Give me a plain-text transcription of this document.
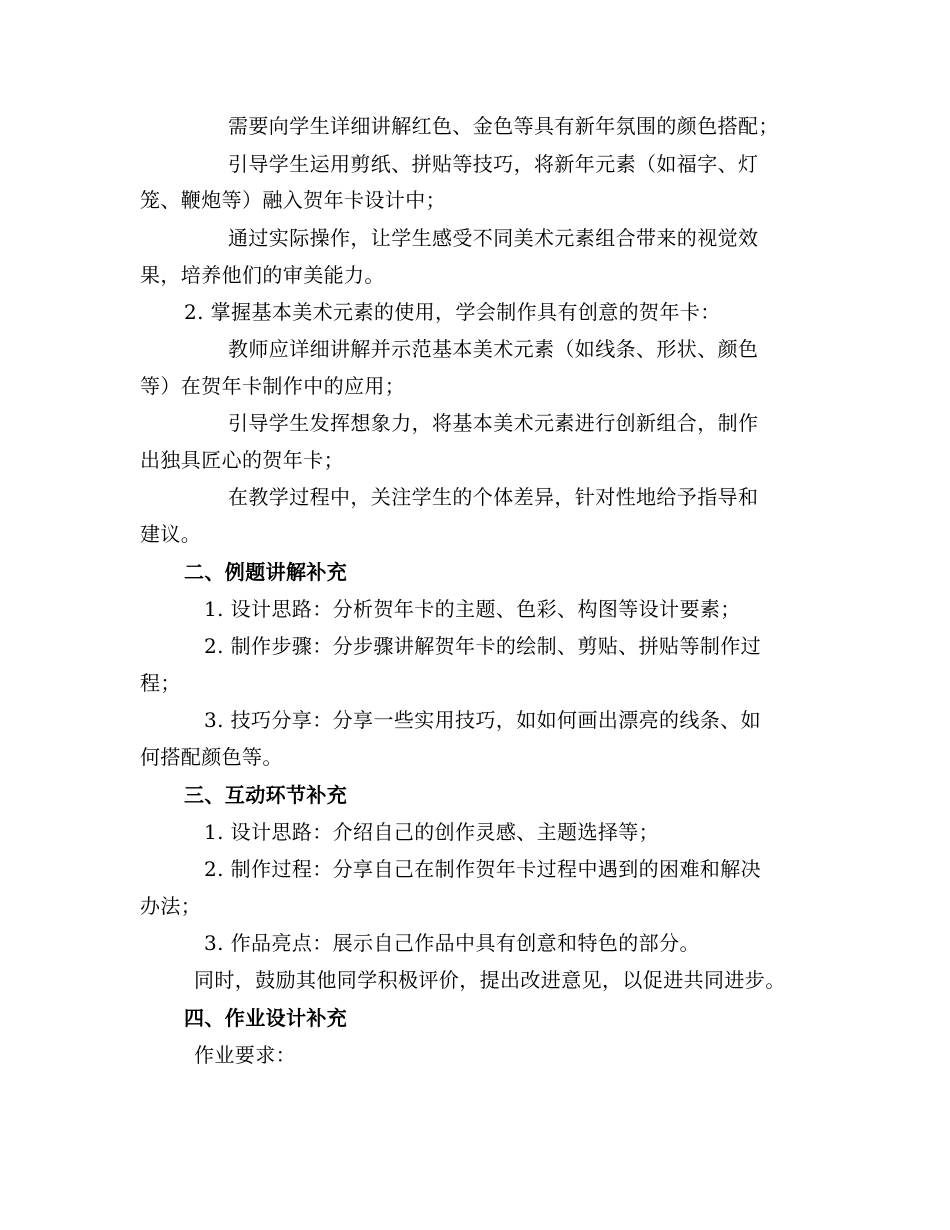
需要向学生详细讲解红色、金色等具有新年氛围的颜色搭配；
引导学生运用剪纸、拼贴等技巧，将新年元素（如福字、灯
笼、鞭炮等）融入贺年卡设计中；
通过实际操作，让学生感受不同美术元素组合带来的视觉效
果，培养他们的审美能力。
2. 掌握基本美术元素的使用，学会制作具有创意的贺年卡：
教师应详细讲解并示范基本美术元素（如线条、形状、颜色
等）在贺年卡制作中的应用；
引导学生发挥想象力，将基本美术元素进行创新组合，制作
出独具匠心的贺年卡；
在教学过程中，关注学生的个体差异，针对性地给予指导和
建议。
二、例题讲解补充
1. 设计思路：分析贺年卡的主题、色彩、构图等设计要素；
2. 制作步骤：分步骤讲解贺年卡的绘制、剪贴、拼贴等制作过
程；
3. 技巧分享：分享一些实用技巧，如如何画出漂亮的线条、如
何搭配颜色等。
三、互动环节补充
1. 设计思路：介绍自己的创作灵感、主题选择等；
2. 制作过程：分享自己在制作贺年卡过程中遇到的困难和解决
办法；
3. 作品亮点：展示自己作品中具有创意和特色的部分。
同时，鼓励其他同学积极评价，提出改进意见，以促进共同进步。
四、作业设计补充
作业要求：
